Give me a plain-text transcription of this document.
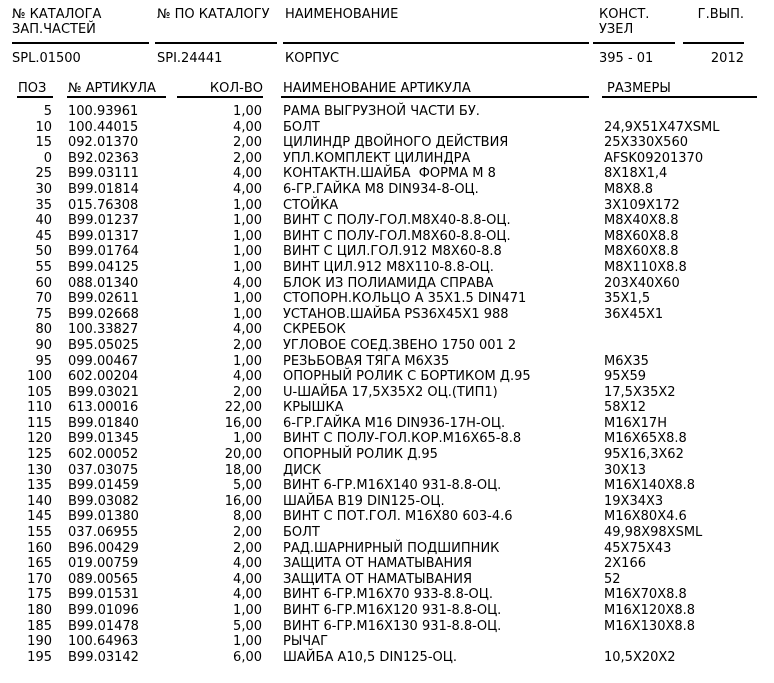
№ КАТАЛОГА
ЗАП.ЧАСТЕЙ
SPL.01500
№ ПО КАТАЛОГУ
SPI.24441
НАИМЕНОВАНИЕ
КОРПУС
КОНСТ.
УЗЕЛ
395 - 01
Г.ВЫП.
2012
ПОЗ	№ АРТИКУЛА	КОЛ-ВО НАИМЕНОВАНИЕ АРТИКУЛА	РАЗМЕРЫ
5 100.93961	1,00 РАМА ВЫГРУЗНОЙ ЧАСТИ БУ.
10 100.44015	4,00 БОЛТ	24,9X51X47XSML
15 092.01370	2,00 ЦИЛИНДР ДВОЙНОГО ДЕЙСТВИЯ	25X330X560
0 B92.02363	2,00 УПЛ.КОМПЛЕКТ ЦИЛИНДРА	AFSK09201370
25 B99.03111	4,00 КОНТАКТН.ШАЙБА  ФОРМА М 8	8X18X1,4
30 B99.01814	4,00 6-ГР.ГАЙКА М8 DIN934-8-ОЦ.	M8X8.8
35 015.76308	1,00 СТОЙКА	3X109X172
40 B99.01237	1,00 ВИНТ С ПОЛУ-ГОЛ.М8Х40-8.8-ОЦ.	M8X40X8.8
45 B99.01317	1,00 ВИНТ С ПОЛУ-ГОЛ.М8Х60-8.8-ОЦ.	M8X60X8.8
50 B99.01764	1,00 ВИНТ С ЦИЛ.ГОЛ.912 М8Х60-8.8	M8X60X8.8
55 B99.04125	1,00 ВИНТ ЦИЛ.912 М8Х110-8.8-ОЦ.	M8X110X8.8
60 088.01340	4,00 БЛОК ИЗ ПОЛИАМИДА СПРАВА	203X40X60
70 B99.02611	1,00 СТОПОРН.КОЛЬЦО А 35Х1.5 DIN471	35X1,5
75 B99.02668	1,00 УСТАНОВ.ШАЙБА PS36X45X1 988	36X45X1
80 100.33827	4,00 СКРЕБОК
90 B95.05025	2,00 УГЛОВОЕ СОЕД.ЗВЕНО 1750 001 2
95 099.00467	1,00 РЕЗЬБОВАЯ ТЯГА М6Х35	M6X35
100 602.00204	4,00 ОПОРНЫЙ РОЛИК С БОРТИКОМ Д.95	95X59
105 B99.03021	2,00 U-ШАЙБА 17,5Х35Х2 ОЦ.(ТИП1)	17,5X35X2
110 613.00016	22,00 КРЫШКА	58X12
115 B99.01840	16,00 6-ГР.ГАЙКА М16 DIN936-17H-ОЦ.	M16X17H
120 B99.01345	1,00 ВИНТ С ПОЛУ-ГОЛ.КОР.M16X65-8.8	M16X65X8.8
125 602.00052	20,00 ОПОРНЫЙ РОЛИК Д.95	95X16,3X62
130 037.03075	18,00 ДИСК	30X13
135 B99.01459	5,00 ВИНТ 6-ГР.M16X140 931-8.8-ОЦ.	M16X140X8.8
140 B99.03082	16,00 ШАЙБА B19 DIN125-ОЦ.	19X34X3
145 B99.01380	8,00 ВИНТ С ПОТ.ГОЛ. M16X80 603-4.6	M16X80X4.6
155 037.06955	2,00 БОЛТ	49,98X98XSML
160 B96.00429	2,00 РАД.ШАРНИРНЫЙ ПОДШИПНИК	45X75X43
165 019.00759	4,00 ЗАЩИТА ОТ НАМАТЫВАНИЯ	2X166
170 089.00565	4,00 ЗАЩИТА ОТ НАМАТЫВАНИЯ	52
175 B99.01531	4,00 ВИНТ 6-ГР.M16X70 933-8.8-ОЦ.	M16X70X8.8
180 B99.01096	1,00 ВИНТ 6-ГР.M16X120 931-8.8-ОЦ.	M16X120X8.8
185 B99.01478	5,00 ВИНТ 6-ГР.M16X130 931-8.8-ОЦ.	M16X130X8.8
190 100.64963	1,00 РЫЧАГ
195 B99.03142	6,00 ШАЙБА A10,5 DIN125-ОЦ.	10,5X20X2
